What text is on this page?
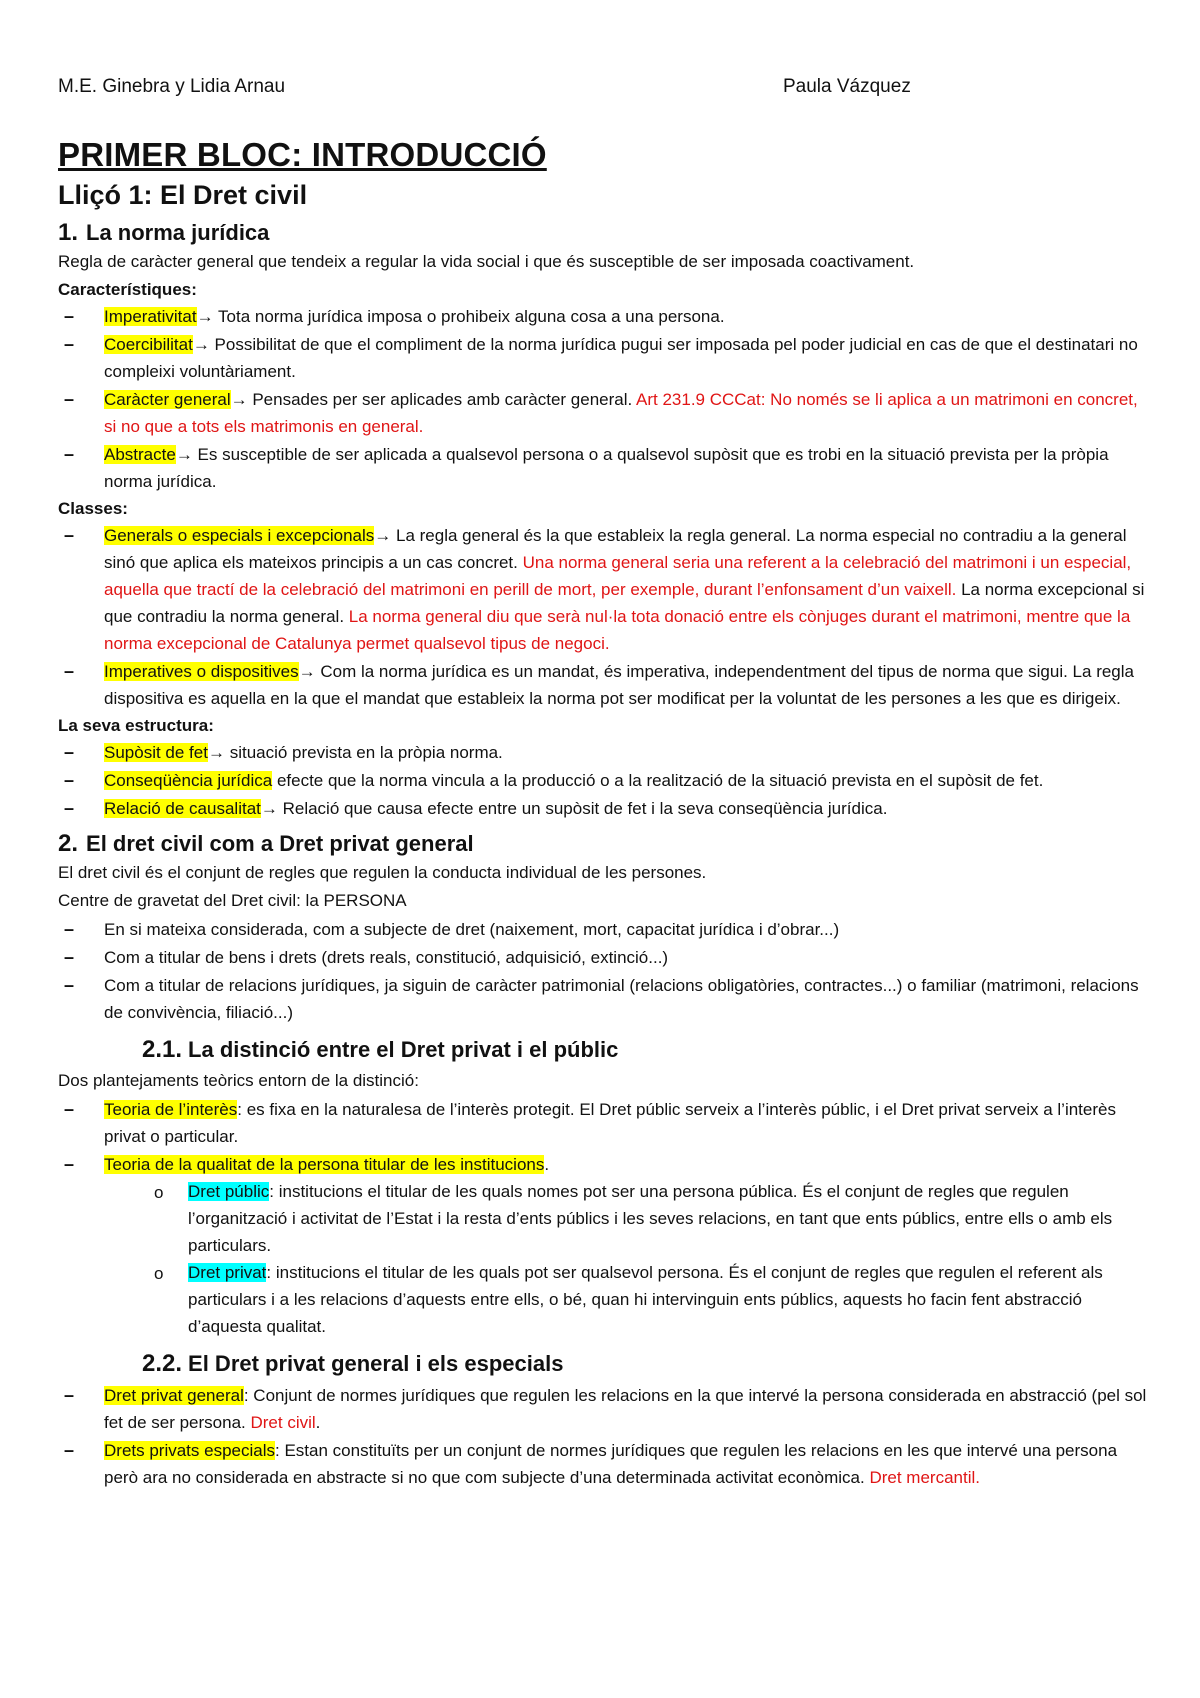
M.E. Ginebra y Lidia Arnau	Paula Vázquez
PRIMER BLOC: INTRODUCCIÓ
Lliçó 1: El Dret civil
1. La norma jurídica

Regla de caràcter general que tendeix a regular la vida social i que és susceptible de ser imposada coactivament.

Característiques:

– Imperativitat→ Tota norma jurídica imposa o prohibeix alguna cosa a una persona.
– Coercibilitat→ Possibilitat de que el compliment de la norma jurídica pugui ser imposada pel poder judicial en cas de que el destinatari no compleixi voluntàriament.
– Caràcter general→ Pensades per ser aplicades amb caràcter general. Art 231.9 CCCat: No només se li aplica a un matrimoni en concret, si no que a tots els matrimonis en general.
– Abstracte→ Es susceptible de ser aplicada a qualsevol persona o a qualsevol supòsit que es trobi en la situació prevista per la pròpia norma jurídica.

Classes:

– Generals o especials i excepcionals→ La regla general és la que estableix la regla general. La norma especial no contradiu a la general sinó que aplica els mateixos principis a un cas concret. Una norma general seria una referent a la celebració del matrimoni i un especial, aquella que tractí de la celebració del matrimoni en perill de mort, per exemple, durant l’enfonsament d’un vaixell. La norma excepcional si que contradiu la norma general. La norma general diu que serà nul·la tota donació entre els cònjuges durant el matrimoni, mentre que la norma excepcional de Catalunya permet qualsevol tipus de negoci.
– Imperatives o dispositives→ Com la norma jurídica es un mandat, és imperativa, independentment del tipus de norma que sigui. La regla dispositiva es aquella en la que el mandat que estableix la norma pot ser modificat per la voluntat de les persones a les que es dirigeix.

La seva estructura:

– Supòsit de fet→ situació prevista en la pròpia norma.
– Conseqüència jurídica efecte que la norma vincula a la producció o a la realització de la situació prevista en el supòsit de fet.
– Relació de causalitat→ Relació que causa efecte entre un supòsit de fet i la seva conseqüència jurídica.
2. El dret civil com a Dret privat general

El dret civil és el conjunt de regles que regulen la conducta individual de les persones.

Centre de gravetat del Dret civil: la PERSONA

– En si mateixa considerada, com a subjecte de dret (naixement, mort, capacitat jurídica i d’obrar...)
– Com a titular de bens i drets (drets reals, constitució, adquisició, extinció...)
– Com a titular de relacions jurídiques, ja siguin de caràcter patrimonial (relacions obligatòries, contractes...) o familiar (matrimoni, relacions de convivència, filiació...)
2.1. La distinció entre el Dret privat i el públic

Dos plantejaments teòrics entorn de la distinció:

– Teoria de l’interès: es fixa en la naturalesa de l’interès protegit. El Dret públic serveix a l’interès públic, i el Dret privat serveix a l’interès privat o particular.
– Teoria de la qualitat de la persona titular de les institucions.
o Dret públic: institucions el titular de les quals nomes pot ser una persona pública. És el conjunt de regles que regulen l’organització i activitat de l’Estat i la resta d’ents públics i les seves relacions, en tant que ents públics, entre ells o amb els particulars.
o Dret privat: institucions el titular de les quals pot ser qualsevol persona. És el conjunt de regles que regulen el referent als particulars i a les relacions d’aquests entre ells, o bé, quan hi intervinguin ents públics, aquests ho facin fent abstracció d’aquesta qualitat.
2.2. El Dret privat general i els especials
– Dret privat general: Conjunt de normes jurídiques que regulen les relacions en la que intervé la persona considerada en abstracció (pel sol fet de ser persona. Dret civil.
– Drets privats especials: Estan constituïts per un conjunt de normes jurídiques que regulen les relacions en les que intervé una persona però ara no considerada en abstracte si no que com subjecte d’una determinada activitat econòmica. Dret mercantil.
